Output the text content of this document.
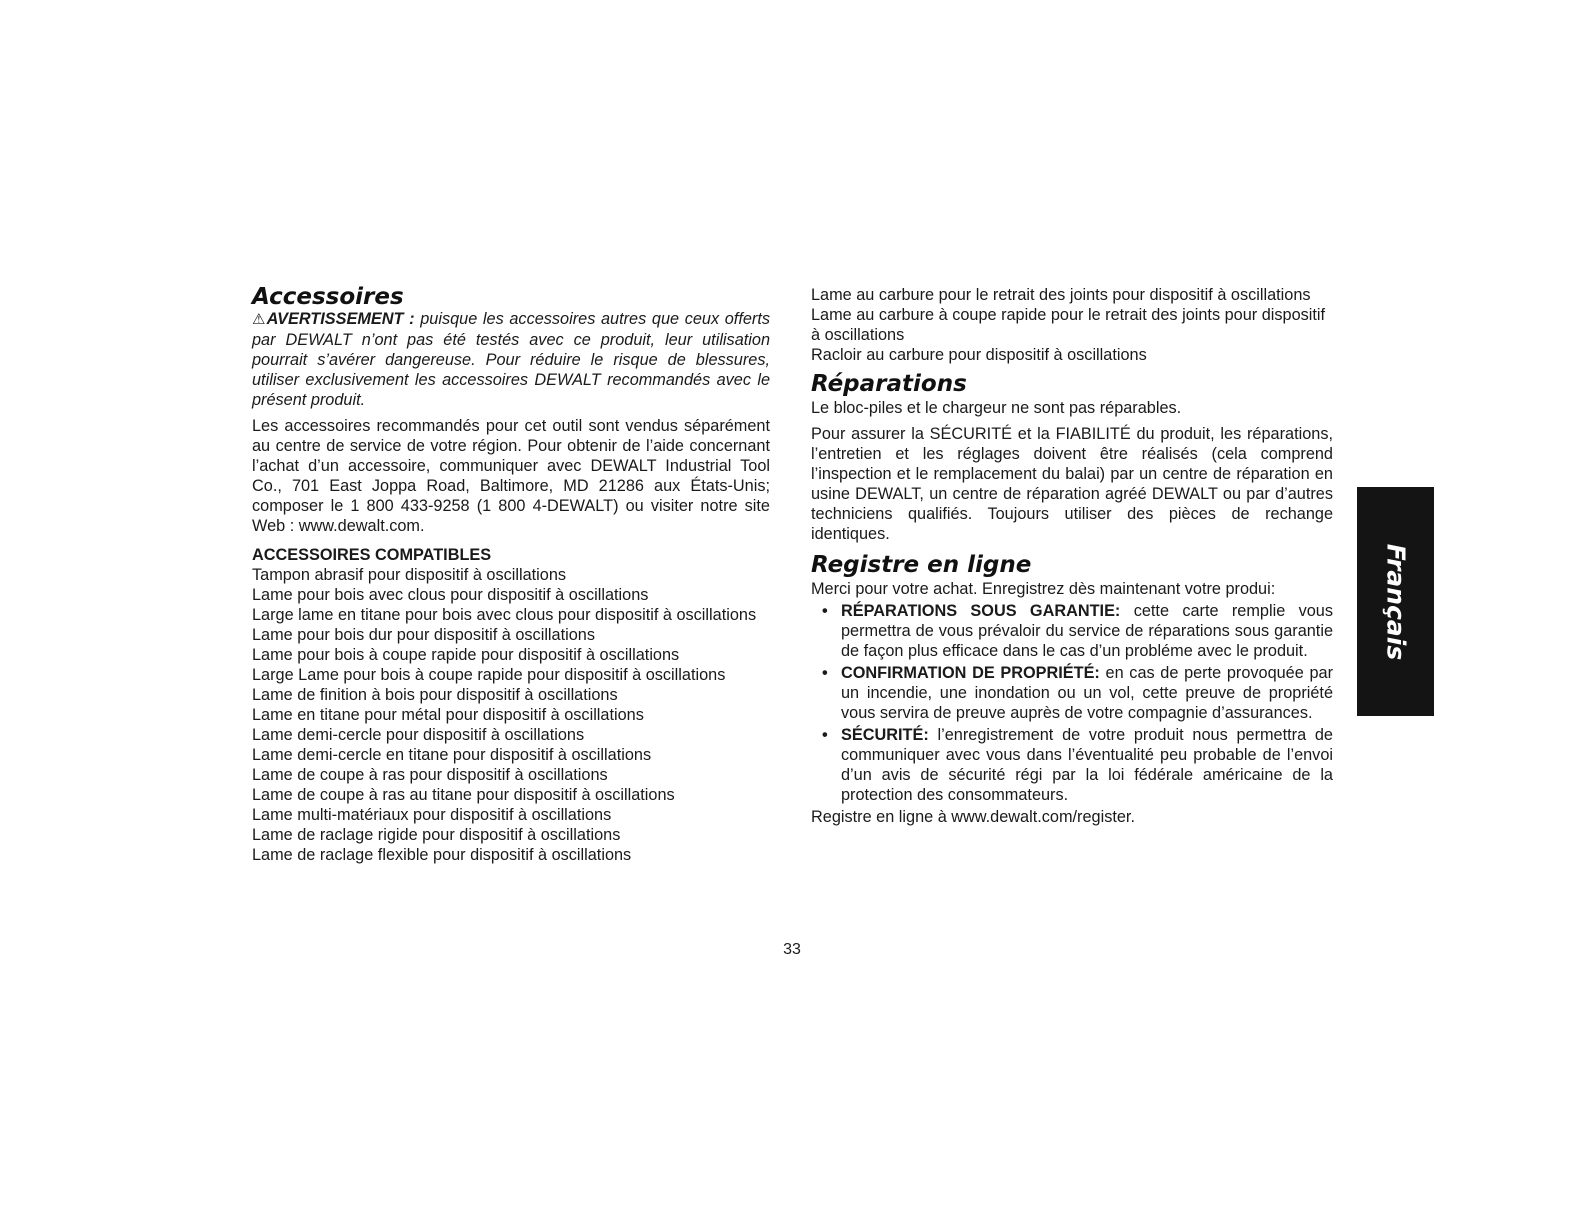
Accessoires

⚠AVERTISSEMENT : puisque les accessoires autres que ceux offerts par DEWALT n’ont pas été testés avec ce produit, leur utilisation pourrait s’avérer dangereuse. Pour réduire le risque de blessures, utiliser exclusivement les accessoires DEWALT recommandés avec le présent produit.

Les accessoires recommandés pour cet outil sont vendus séparément au centre de service de votre région. Pour obtenir de l’aide concernant l’achat d’un accessoire, communiquer avec DEWALT Industrial Tool Co., 701 East Joppa Road, Baltimore, MD 21286 aux États-Unis; composer le 1 800 433-9258 (1 800 4-DEWALT) ou visiter notre site Web : www.dewalt.com.

ACCESSOIRES COMPATIBLES
Tampon abrasif pour dispositif à oscillations
Lame pour bois avec clous pour dispositif à oscillations
Large lame en titane pour bois avec clous pour dispositif à oscillations
Lame pour bois dur pour dispositif à oscillations
Lame pour bois à coupe rapide pour dispositif à oscillations
Large Lame pour bois à coupe rapide pour dispositif à oscillations
Lame de finition à bois pour dispositif à oscillations
Lame en titane pour métal pour dispositif à oscillations
Lame demi-cercle pour dispositif à oscillations
Lame demi-cercle en titane pour dispositif à oscillations
Lame de coupe à ras pour dispositif à oscillations
Lame de coupe à ras au titane pour dispositif à oscillations
Lame multi-matériaux pour dispositif à oscillations
Lame de raclage rigide pour dispositif à oscillations
Lame de raclage flexible pour dispositif à oscillations
Lame au carbure pour le retrait des joints pour dispositif à oscillations
Lame au carbure à coupe rapide pour le retrait des joints pour dispositif à oscillations
Racloir au carbure pour dispositif à oscillations
Réparations

Le bloc-piles et le chargeur ne sont pas réparables.

Pour assurer la SÉCURITÉ et la FIABILITÉ du produit, les réparations, l’entretien et les réglages doivent être réalisés (cela comprend l’inspection et le remplacement du balai) par un centre de réparation en usine DEWALT, un centre de réparation agréé DEWALT ou par d’autres techniciens qualifiés. Toujours utiliser des pièces de rechange identiques.

Registre en ligne

Merci pour votre achat. Enregistrez dès maintenant votre produi:

• RÉPARATIONS SOUS GARANTIE: cette carte remplie vous permettra de vous prévaloir du service de réparations sous garantie de façon plus efficace dans le cas d’un probléme avec le produit.
• CONFIRMATION DE PROPRIÉTÉ: en cas de perte provoquée par un incendie, une inondation ou un vol, cette preuve de propriété vous servira de preuve auprès de votre compagnie d’assurances.
• SÉCURITÉ: l’enregistrement de votre produit nous permettra de communiquer avec vous dans l’éventualité peu probable de l’envoi d’un avis de sécurité régi par la loi fédérale américaine de la protection des consommateurs.

Registre en ligne à www.dewalt.com/register.

33
Français
